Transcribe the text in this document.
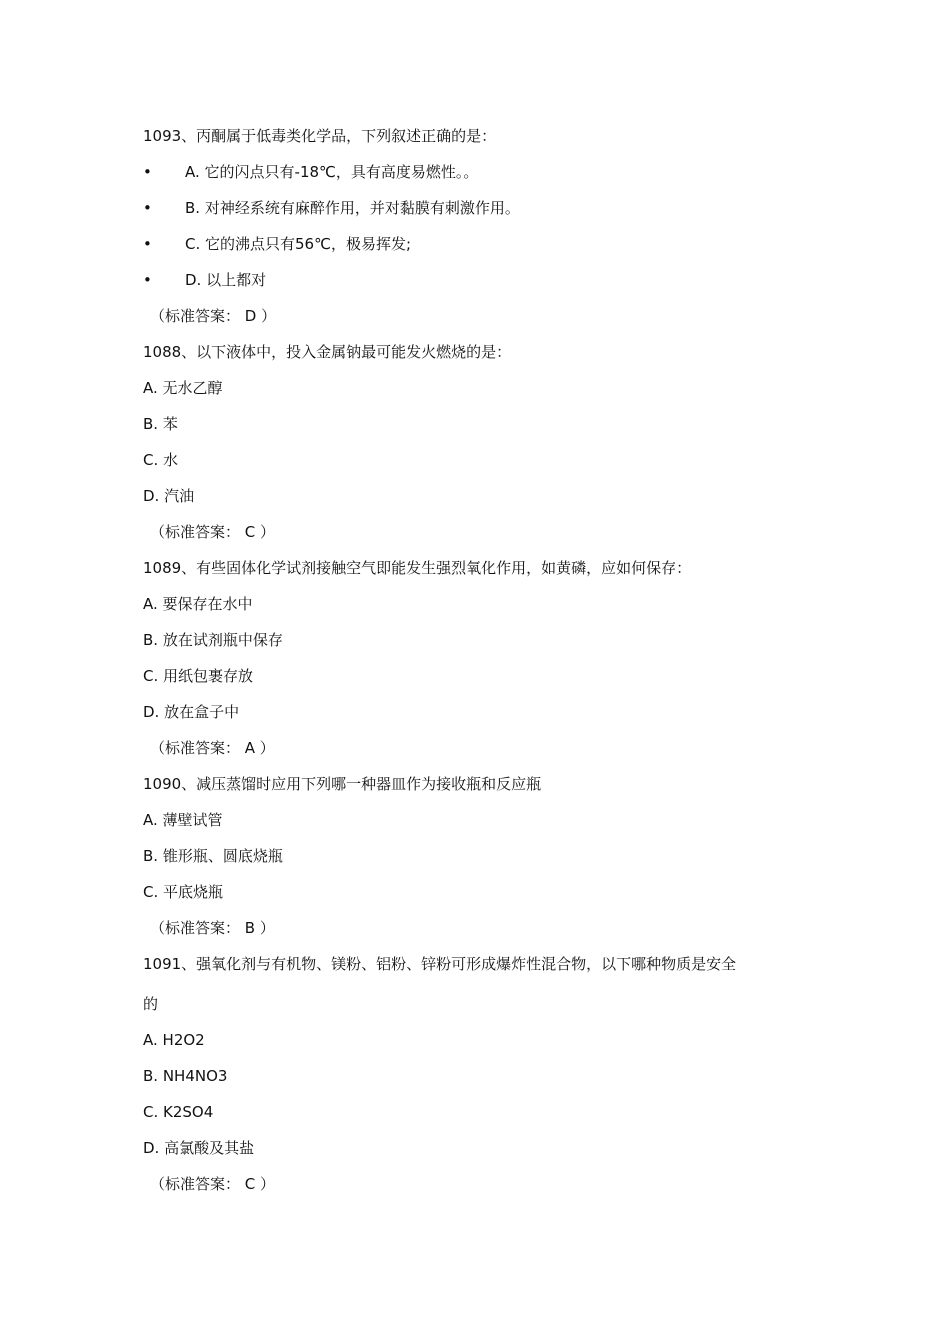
1093、丙酮属于低毒类化学品，下列叙述正确的是：
•	A. 它的闪点只有-18℃，具有高度易燃性。。
•	B. 对神经系统有麻醉作用，并对黏膜有刺激作用。
•	C. 它的沸点只有56℃，极易挥发;
•	D. 以上都对
（标准答案： D ）
1088、以下液体中，投入金属钠最可能发火燃烧的是：
A. 无水乙醇
B. 苯
C. 水
D. 汽油
（标准答案： C ）
1089、有些固体化学试剂接触空气即能发生强烈氧化作用，如黄磷，应如何保存：
A. 要保存在水中
B. 放在试剂瓶中保存
C. 用纸包裹存放
D. 放在盒子中
（标准答案： A ）
1090、减压蒸馏时应用下列哪一种器皿作为接收瓶和反应瓶
A. 薄壁试管
B. 锥形瓶、圆底烧瓶
C. 平底烧瓶
（标准答案： B ）
1091、强氧化剂与有机物、镁粉、铝粉、锌粉可形成爆炸性混合物，以下哪种物质是安全
的
A. H2O2
B. NH4NO3
C. K2SO4
D. 高氯酸及其盐
（标准答案： C ）
